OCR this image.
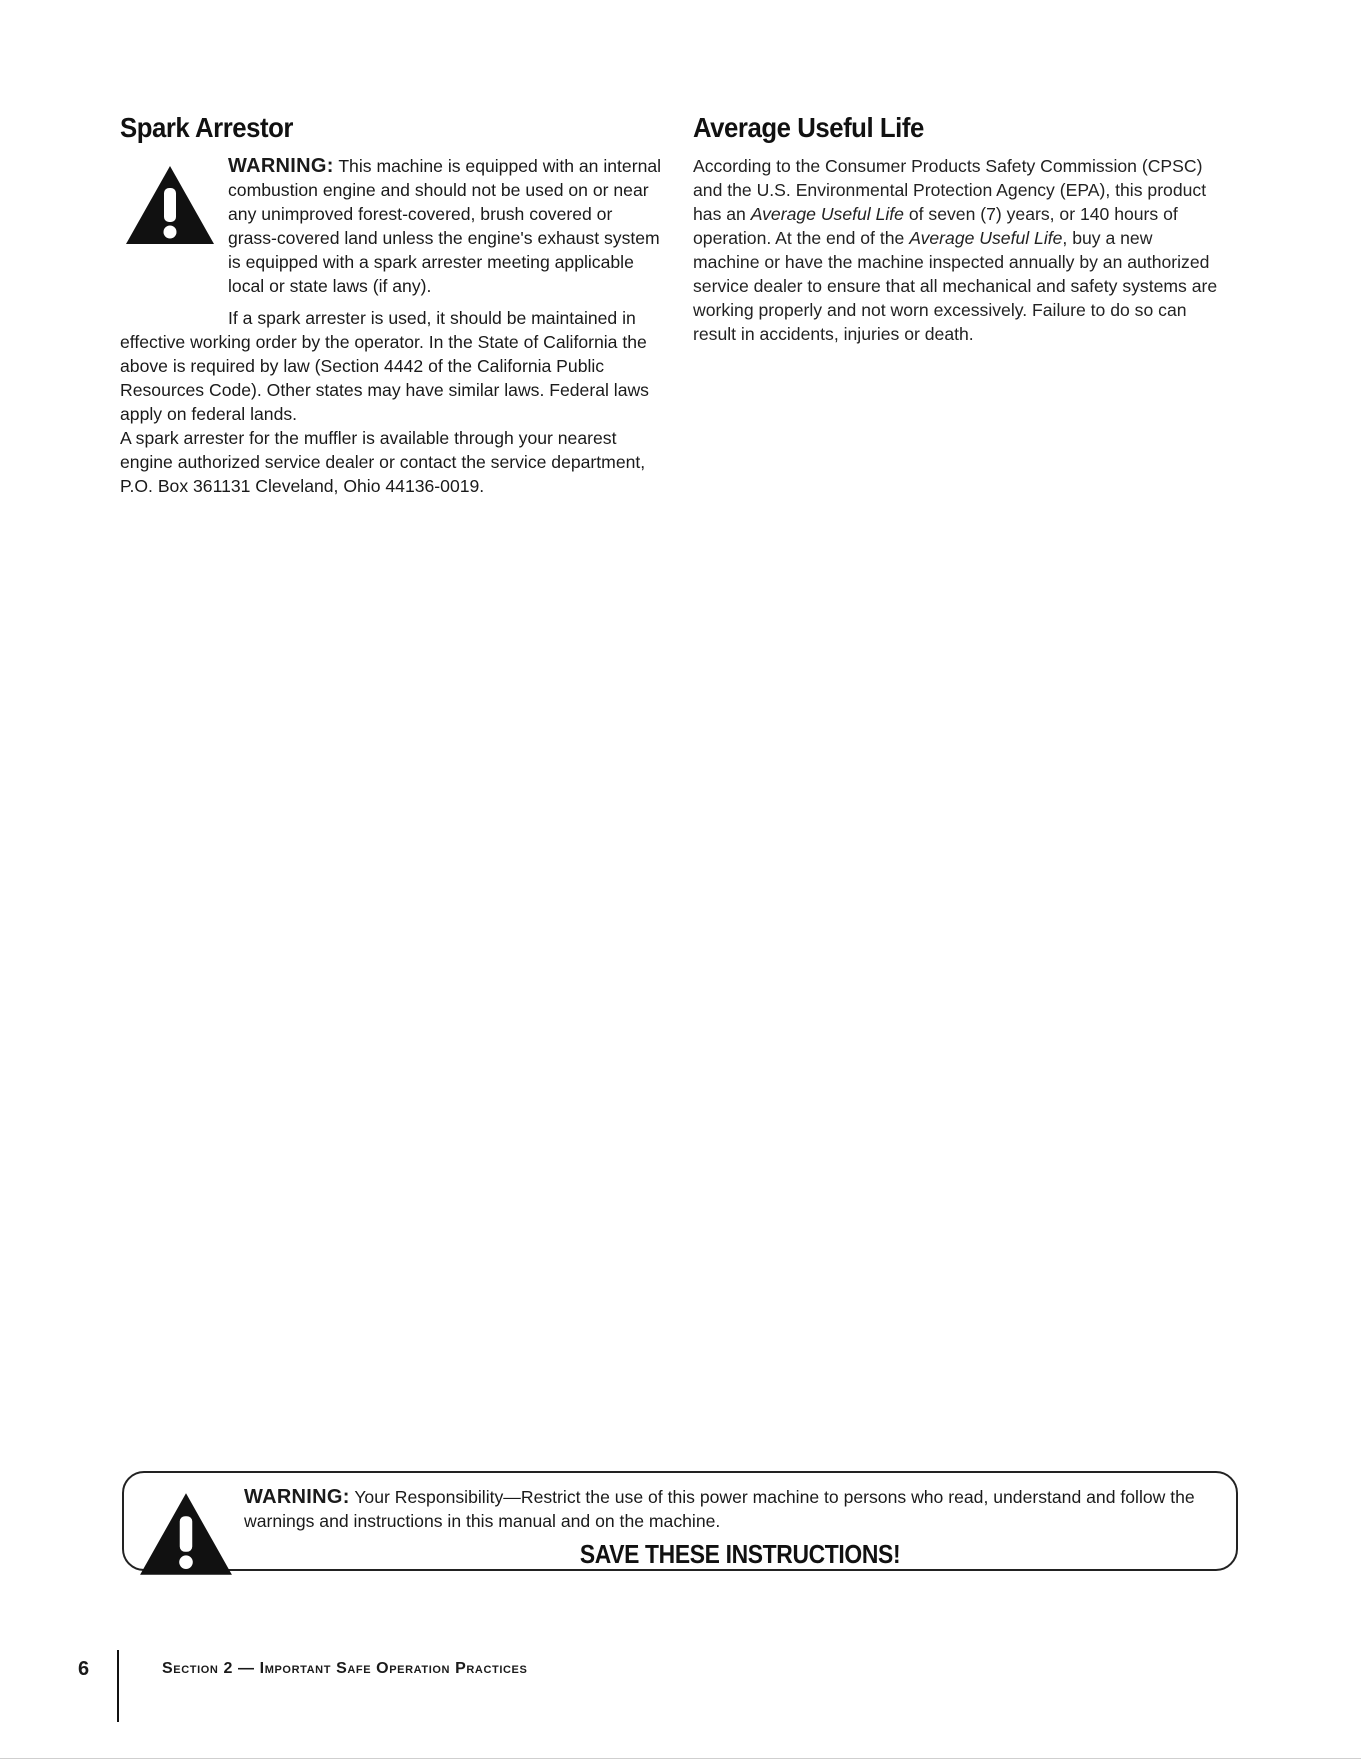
Spark Arrestor
WARNING: This machine is equipped with an internal combustion engine and should not be used on or near any unimproved forest-covered, brush covered or grass-covered land unless the engine's exhaust system is equipped with a spark arrester meeting applicable local or state laws (if any).

If a spark arrester is used, it should be maintained in effective working order by the operator. In the State of California the above is required by law (Section 4442 of the California Public Resources Code). Other states may have similar laws. Federal laws apply on federal lands.

A spark arrester for the muffler is available through your nearest engine authorized service dealer or contact the service department, P.O. Box 361131 Cleveland, Ohio 44136-0019.

Average Useful Life

According to the Consumer Products Safety Commission (CPSC) and the U.S. Environmental Protection Agency (EPA), this product has an Average Useful Life of seven (7) years, or 140 hours of operation. At the end of the Average Useful Life, buy a new machine or have the machine inspected annually by an authorized service dealer to ensure that all mechanical and safety systems are working properly and not worn excessively. Failure to do so can result in accidents, injuries or death.

WARNING: Your Responsibility—Restrict the use of this power machine to persons who read, understand and follow the warnings and instructions in this manual and on the machine.
SAVE THESE INSTRUCTIONS!
6	Section 2 — Important Safe Operation Practices
